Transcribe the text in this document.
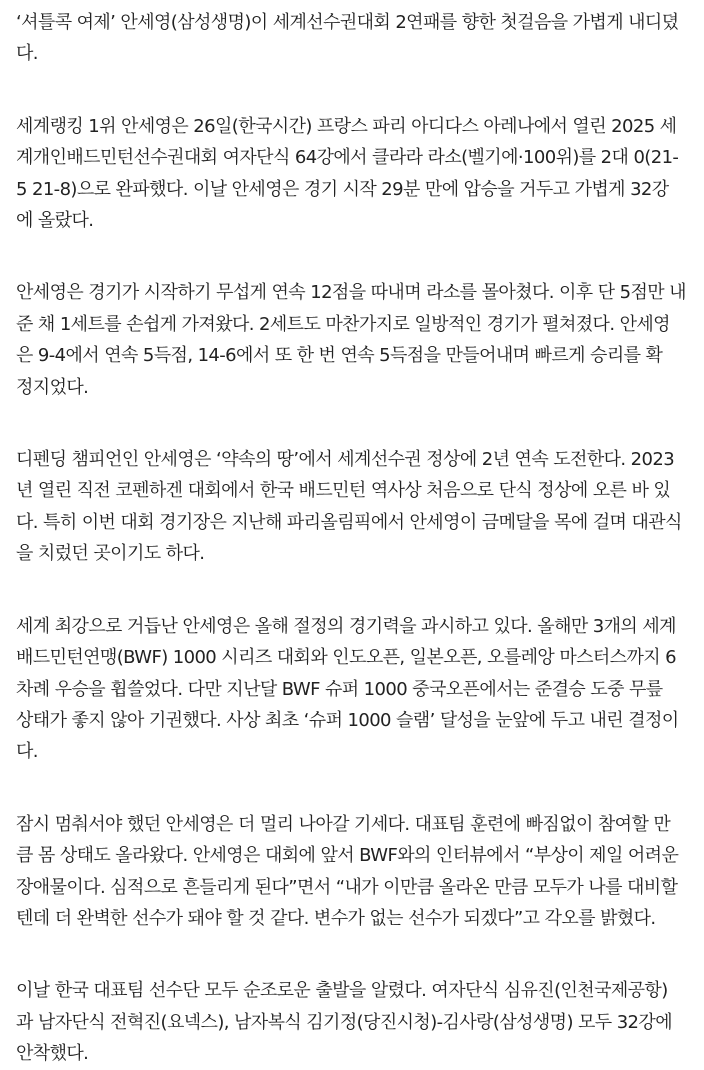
‘셔틀콕 여제’ 안세영(삼성생명)이 세계선수권대회 2연패를 향한 첫걸음을 가볍게 내디뎠
다.

세계랭킹 1위 안세영은 26일(한국시간) 프랑스 파리 아디다스 아레나에서 열린 2025 세
계개인배드민턴선수권대회 여자단식 64강에서 클라라 라소(벨기에·100위)를 2대 0(21-
5 21-8)으로 완파했다. 이날 안세영은 경기 시작 29분 만에 압승을 거두고 가볍게 32강
에 올랐다.

안세영은 경기가 시작하기 무섭게 연속 12점을 따내며 라소를 몰아쳤다. 이후 단 5점만 내
준 채 1세트를 손쉽게 가져왔다. 2세트도 마찬가지로 일방적인 경기가 펼쳐졌다. 안세영
은 9-4에서 연속 5득점, 14-6에서 또 한 번 연속 5득점을 만들어내며 빠르게 승리를 확
정지었다.

디펜딩 챔피언인 안세영은 ‘약속의 땅’에서 세계선수권 정상에 2년 연속 도전한다. 2023
년 열린 직전 코펜하겐 대회에서 한국 배드민턴 역사상 처음으로 단식 정상에 오른 바 있
다. 특히 이번 대회 경기장은 지난해 파리올림픽에서 안세영이 금메달을 목에 걸며 대관식
을 치렀던 곳이기도 하다.

세계 최강으로 거듭난 안세영은 올해 절정의 경기력을 과시하고 있다. 올해만 3개의 세계
배드민턴연맹(BWF) 1000 시리즈 대회와 인도오픈, 일본오픈, 오를레앙 마스터스까지 6
차례 우승을 휩쓸었다. 다만 지난달 BWF 슈퍼 1000 중국오픈에서는 준결승 도중 무릎
상태가 좋지 않아 기권했다. 사상 최초 ‘슈퍼 1000 슬램’ 달성을 눈앞에 두고 내린 결정이
다.

잠시 멈춰서야 했던 안세영은 더 멀리 나아갈 기세다. 대표팀 훈련에 빠짐없이 참여할 만
큼 몸 상태도 올라왔다. 안세영은 대회에 앞서 BWF와의 인터뷰에서 “부상이 제일 어려운
장애물이다. 심적으로 흔들리게 된다”면서 “내가 이만큼 올라온 만큼 모두가 나를 대비할
텐데 더 완벽한 선수가 돼야 할 것 같다. 변수가 없는 선수가 되겠다”고 각오를 밝혔다.

이날 한국 대표팀 선수단 모두 순조로운 출발을 알렸다. 여자단식 심유진(인천국제공항)
과 남자단식 전혁진(요넥스), 남자복식 김기정(당진시청)-김사랑(삼성생명) 모두 32강에
안착했다.
